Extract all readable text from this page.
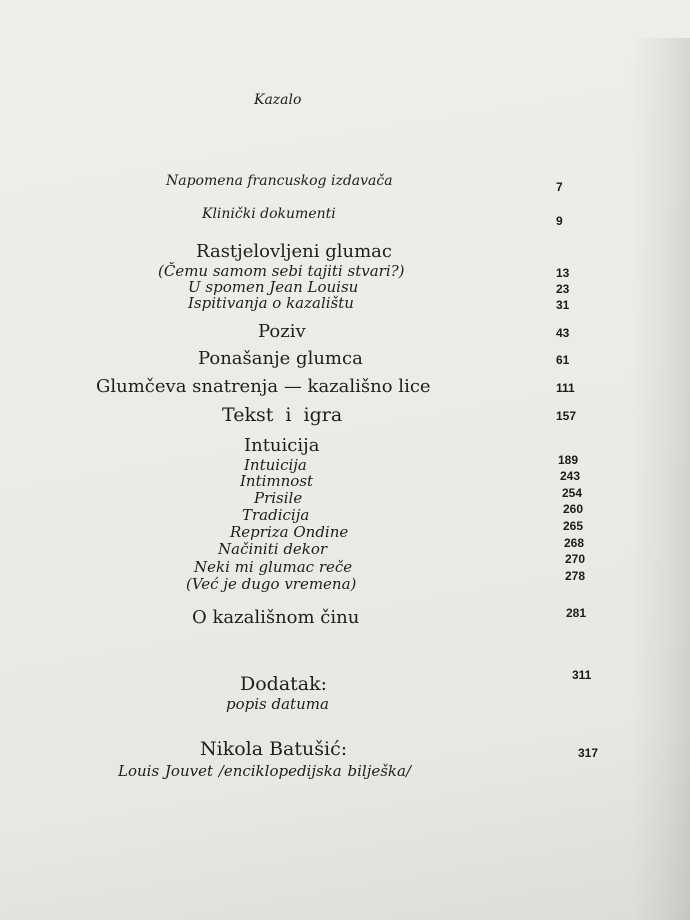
Kazalo
Napomena francuskog izdavača	7
Klinički dokumenti	9
Rastjelovljeni glumac
(Čemu samom sebi tajiti stvari?)	13
U spomen Jean Louisu	23
Ispitivanja o kazalištu	31
Poziv	43
Ponašanje glumca	61
Glumčeva snatrenja — kazališno lice	111
Tekst i igra	157
Intuicija
Intuicija	189
Intimnost	243
Prisile	254
Tradicija	260
Repriza Ondine	265
Načiniti dekor	268
Neki mi glumac reče	270
(Već je dugo vremena)	278
O kazališnom činu	281
Dodatak:	311
popis datuma
Nikola Batušić:	317
Louis Jouvet /enciklopedijska bilješka/
